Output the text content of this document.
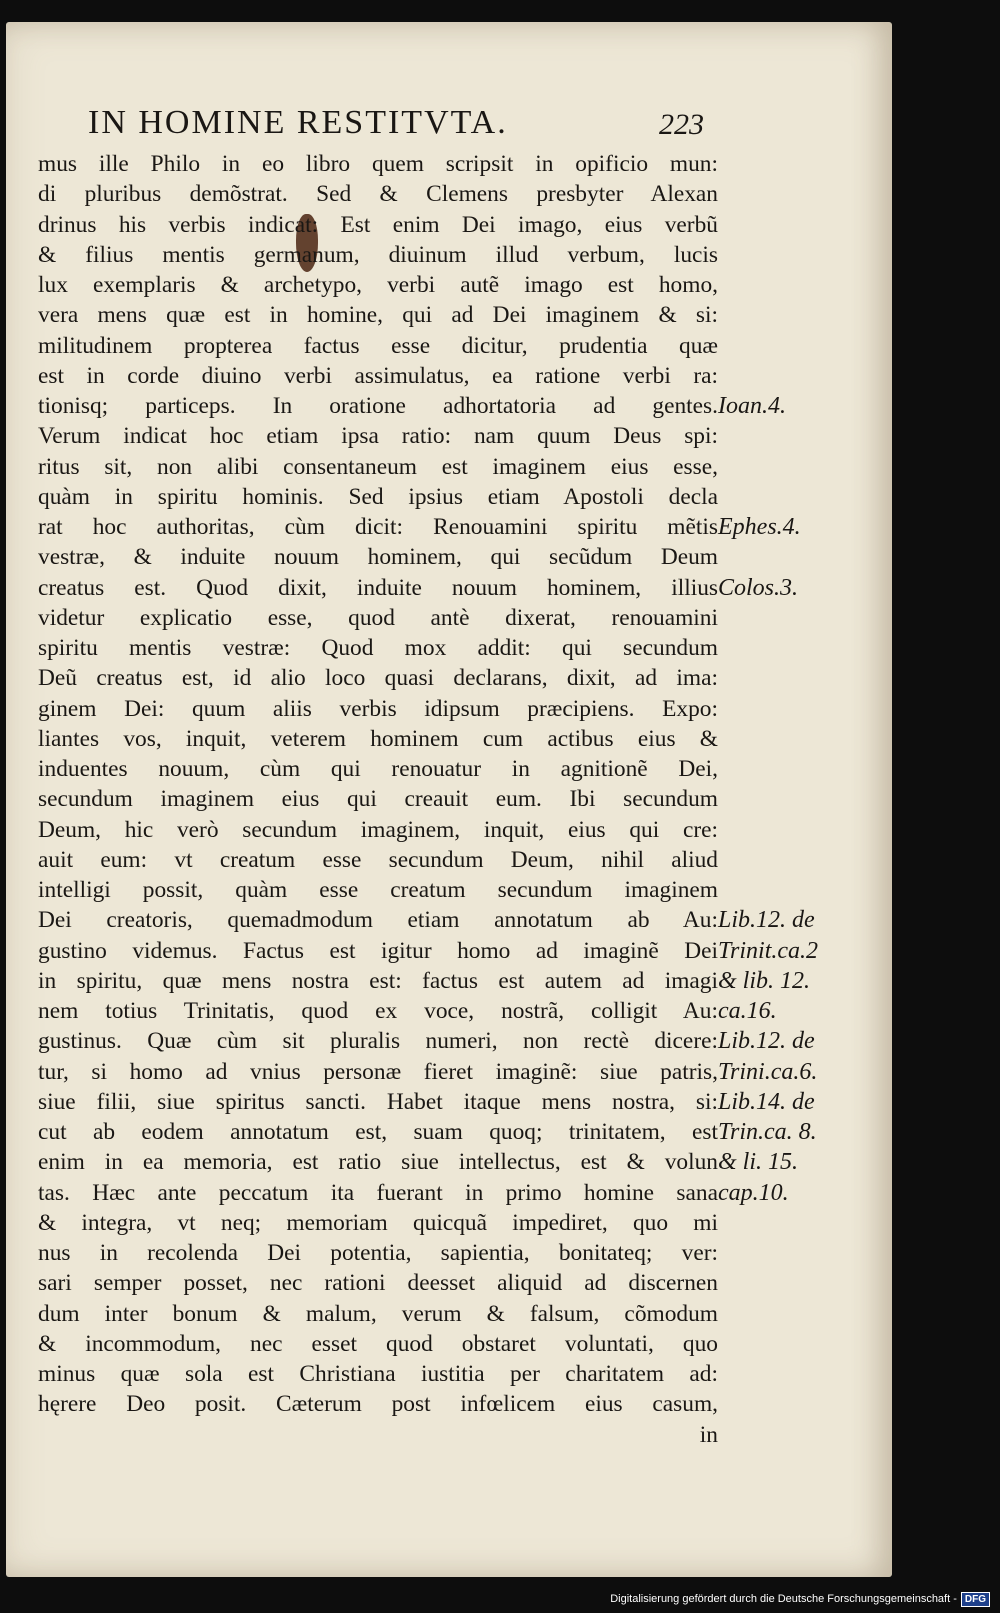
IN HOMINE RESTITVTA.	223
mus ille Philo in eo libro quem scripsit in opificio mun:
di pluribus demõstrat. Sed & Clemens presbyter Alexan
drinus his verbis indicat: Est enim Dei imago, eius verbũ
& filius mentis germanum, diuinum illud verbum, lucis
lux exemplaris & archetypo, verbi autẽ imago est homo,
vera mens quæ est in homine, qui ad Dei imaginem & si:
militudinem propterea factus esse dicitur, prudentia quæ
est in corde diuino verbi assimulatus, ea ratione verbi ra:
tionisq; particeps. In oratione adhortatoria ad gentes.
Verum indicat hoc etiam ipsa ratio: nam quum Deus spi:
ritus sit, non alibi consentaneum est imaginem eius esse,
quàm in spiritu hominis. Sed ipsius etiam Apostoli decla
rat hoc authoritas, cùm dicit: Renouamini spiritu mẽtis
vestræ, & induite nouum hominem, qui secũdum Deum
creatus est. Quod dixit, induite nouum hominem, illius
videtur explicatio esse, quod antè dixerat, renouamini
spiritu mentis vestræ: Quod mox addit: qui secundum
Deũ creatus est, id alio loco quasi declarans, dixit, ad ima:
ginem Dei: quum aliis verbis idipsum præcipiens. Expo:
liantes vos, inquit, veterem hominem cum actibus eius &
induentes nouum, cùm qui renouatur in agnitionẽ Dei,
secundum imaginem eius qui creauit eum. Ibi secundum
Deum, hic verò secundum imaginem, inquit, eius qui cre:
auit eum: vt creatum esse secundum Deum, nihil aliud
intelligi possit, quàm esse creatum secundum imaginem
Dei creatoris, quemadmodum etiam annotatum ab Au:
gustino videmus. Factus est igitur homo ad imaginẽ Dei
in spiritu, quæ mens nostra est: factus est autem ad imagi
nem totius Trinitatis, quod ex voce, nostrã, colligit Au:
gustinus. Quæ cùm sit pluralis numeri, non rectè dicere:
tur, si homo ad vnius personæ fieret imaginẽ: siue patris,
siue filii, siue spiritus sancti. Habet itaque mens nostra, si:
cut ab eodem annotatum est, suam quoq; trinitatem, est
enim in ea memoria, est ratio siue intellectus, est & volun
tas. Hæc ante peccatum ita fuerant in primo homine sana
& integra, vt neq; memoriam quicquã impediret, quo mi
nus in recolenda Dei potentia, sapientia, bonitateq; ver:
sari semper posset, nec rationi deesset aliquid ad discernen
dum inter bonum & malum, verum & falsum, cõmodum
& incommodum, nec esset quod obstaret voluntati, quo
minus quæ sola est Christiana iustitia per charitatem ad:
hęrere Deo posit. Cæterum post infœlicem eius casum,
in
Ioan.4.
Ephes.4.
Colos.3.
Lib.12. de
Trinit.ca.2
& lib. 12.
ca.16.
Lib.12. de
Trini.ca.6.
Lib.14. de
Trin.ca. 8.
& li. 15.
cap.10.
Digitalisierung gefördert durch die Deutsche Forschungsgemeinschaft - DFG
